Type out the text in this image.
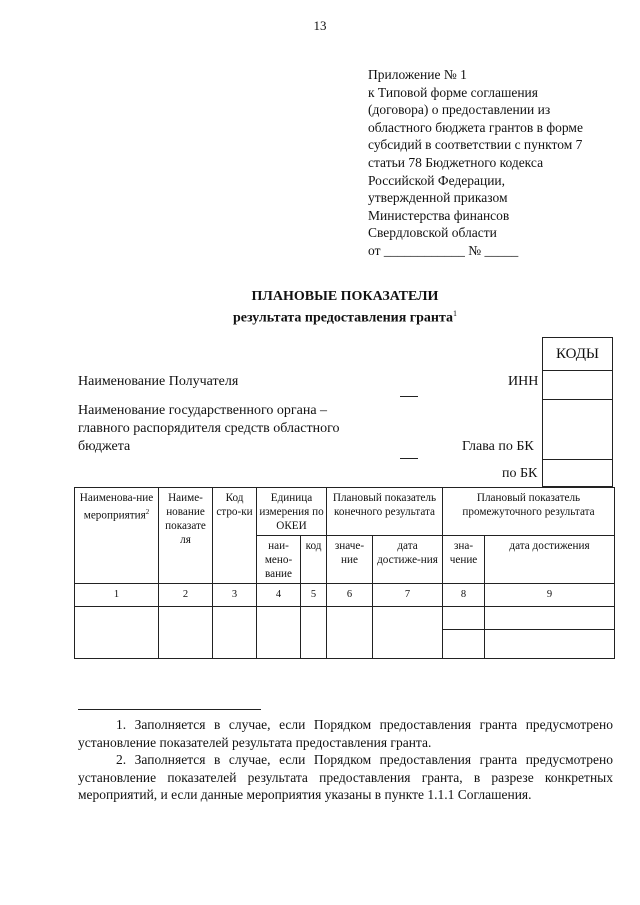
13
Приложение № 1
к Типовой форме соглашения
(договора) о предоставлении из
областного бюджета грантов в форме
субсидий в соответствии с пунктом 7
статьи 78 Бюджетного кодекса
Российской Федерации,
утвержденной приказом
Министерства финансов
Свердловской области
от ____________ № _____
ПЛАНОВЫЕ ПОКАЗАТЕЛИ
результата предоставления гранта$^1$
КОДЫ
Наименование Получателя	ИНН
Наименование государственного органа –
главного распорядителя средств областного
бюджета	Глава по БК
по БК
Наименова-ние мероприятия$^2$	Наиме-нование показате ля	Код стро-ки	Единица измерения по ОКЕИ		Плановый показатель конечного результата		Плановый показатель промежуточного результата	
			наи-мено-вание	код	значе-ние	дата достиже-ния	зна-чение	дата достижения
1	2	3	4	5	6	7	8	9

1. Заполняется в случае, если Порядком предоставления гранта предусмотрено установление показателей результата предоставления гранта.
2. Заполняется в случае, если Порядком предоставления гранта предусмотрено установление показателей результата предоставления гранта, в разрезе конкретных мероприятий, и если данные мероприятия указаны в пункте 1.1.1 Соглашения.
